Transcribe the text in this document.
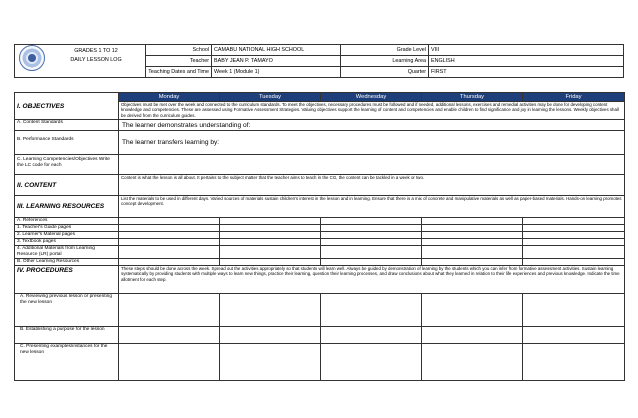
GRADES 1 TO 12
DAILY LESSON LOG	School	CAMABU NATIONAL HIGH SCHOOL	Grade Level	VIII
	Teacher	BABY JEAN P. TAMAYO	Learning Area	ENGLISH
	Teaching Dates and Time	Week 1 (Module 1)	Quarter	FIRST
I. OBJECTIVES	Monday	Tuesday	Wednesday	Thursday	Friday
	Objectives must be met over the week and connected to the curriculum standards. To meet the objectives, necessary procedures must be followed and if needed, additional lessons, exercises and remedial activities may be done for developing content knowledge and competencies. These are assessed using Formative Assessment Strategies. Valuing objectives support the learning of content and competencies and enable children to find significance and joy in learning the lessons. Weekly objectives shall be derived from the curriculum guides.				
A. Content Standards	The learner demonstrates understanding of:				
B. Performance Standards	The learner transfers learning by:				
C. Learning Competencies/Objectives Write the LC code for each					
II. CONTENT	Content is what the lesson is all about. It pertains to the subject matter that the teacher aims to teach in the CG, the content can be tackled in a week or two.				
III. LEARNING RESOURCES	List the materials to be used in different days. Varied sources of materials sustain children's interest in the lesson and in learning. Ensure that there is a mix of concrete and manipulative materials as well as paper-based materials. Hands-on learning promotes concept development.				
A. References					
1. Teacher's Guide pages					
2. Learner's Material pages					
3. Textbook pages					
4. Additional Materials from Learning Resource (LR) portal					
B. Other Learning Resources					
IV. PROCEDURES	These steps should be done across the week. Spread out the activities appropriately so that students will learn well. Always be guided by demonstration of learning by the students which you can infer from formative assessment activities. Sustain learning systematically by providing students with multiple ways to learn new things, practice their learning, question their learning processes, and draw conclusions about what they learned in relation to their life experiences and previous knowledge. Indicate the time allotment for each step.				
A. Reviewing previous lesson or presenting the new lesson					
B. Establishing a purpose for the lesson					
C. Presenting examples/instances for the new lesson					
